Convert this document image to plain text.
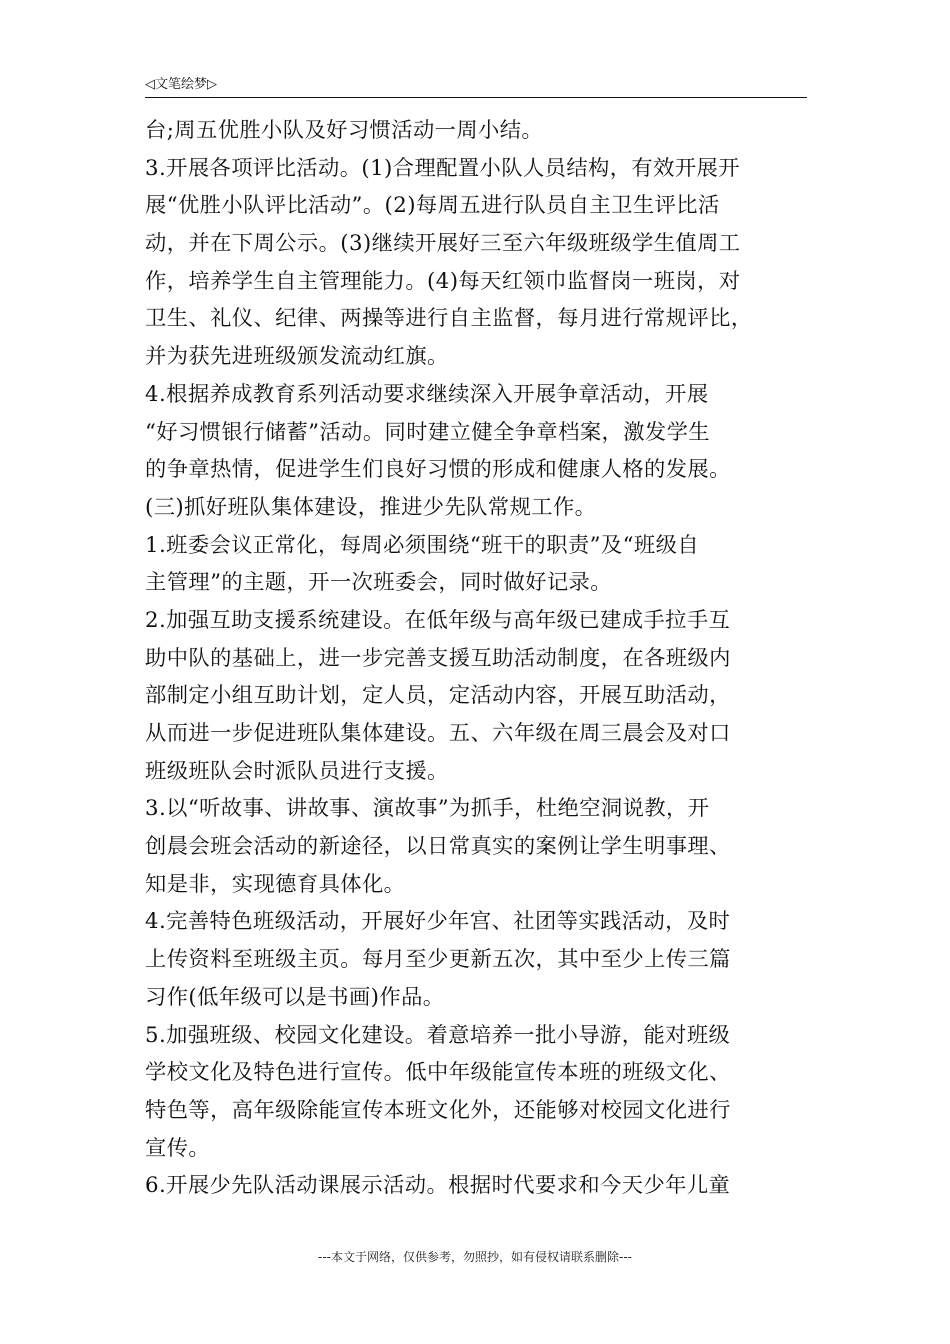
◁文笔绘梦▷
台;周五优胜小队及好习惯活动一周小结。
3.开展各项评比活动。(1)合理配置小队人员结构，有效开展开
展“优胜小队评比活动”。(2)每周五进行队员自主卫生评比活
动，并在下周公示。(3)继续开展好三至六年级班级学生值周工
作，培养学生自主管理能力。(4)每天红领巾监督岗一班岗，对
卫生、礼仪、纪律、两操等进行自主监督，每月进行常规评比，
并为获先进班级颁发流动红旗。
4.根据养成教育系列活动要求继续深入开展争章活动，开展
“好习惯银行储蓄”活动。同时建立健全争章档案，激发学生
的争章热情，促进学生们良好习惯的形成和健康人格的发展。
(三)抓好班队集体建设，推进少先队常规工作。
1.班委会议正常化，每周必须围绕“班干的职责”及“班级自
主管理”的主题，开一次班委会，同时做好记录。
2.加强互助支援系统建设。在低年级与高年级已建成手拉手互
助中队的基础上，进一步完善支援互助活动制度，在各班级内
部制定小组互助计划，定人员，定活动内容，开展互助活动，
从而进一步促进班队集体建设。五、六年级在周三晨会及对口
班级班队会时派队员进行支援。
3.以“听故事、讲故事、演故事”为抓手，杜绝空洞说教，开
创晨会班会活动的新途径，以日常真实的案例让学生明事理、
知是非，实现德育具体化。
4.完善特色班级活动，开展好少年宫、社团等实践活动，及时
上传资料至班级主页。每月至少更新五次，其中至少上传三篇
习作(低年级可以是书画)作品。
5.加强班级、校园文化建设。着意培养一批小导游，能对班级
学校文化及特色进行宣传。低中年级能宣传本班的班级文化、
特色等，高年级除能宣传本班文化外，还能够对校园文化进行
宣传。
6.开展少先队活动课展示活动。根据时代要求和今天少年儿童
---本文于网络，仅供参考，勿照抄，如有侵权请联系删除---
